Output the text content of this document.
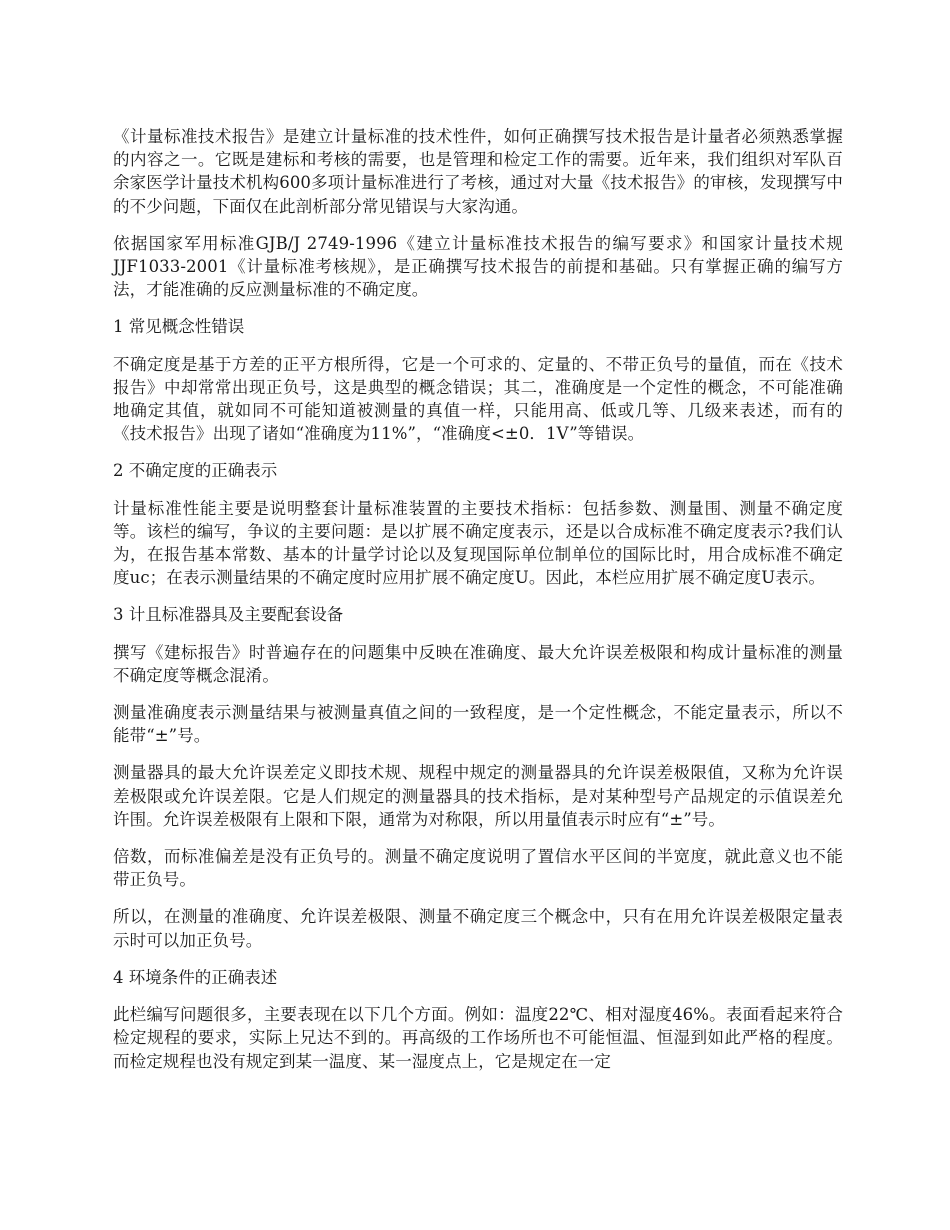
《计量标准技术报告》是建立计量标准的技术性件，如何正确撰写技术报告是计量者必须熟悉掌握的内容之一。它既是建标和考核的需要，也是管理和检定工作的需要。近年来，我们组织对军队百余家医学计量技术机构600多项计量标准进行了考核，通过对大量《技术报告》的审核，发现撰写中的不少问题，下面仅在此剖析部分常见错误与大家沟通。

依据国家军用标准GJB/J 2749-1996《建立计量标准技术报告的编写要求》和国家计量技术规JJF1033-2001《计量标准考核规》，是正确撰写技术报告的前提和基础。只有掌握正确的编写方法，才能准确的反应测量标准的不确定度。

1 常见概念性错误

不确定度是基于方差的正平方根所得，它是一个可求的、定量的、不带正负号的量值，而在《技术报告》中却常常出现正负号，这是典型的概念错误；其二，准确度是一个定性的概念，不可能准确地确定其值，就如同不可能知道被测量的真值一样，只能用高、低或几等、几级来表述，而有的《技术报告》出现了诸如“准确度为11%”，“准确度<±0．1V”等错误。

2 不确定度的正确表示

计量标准性能主要是说明整套计量标准装置的主要技术指标：包括参数、测量围、测量不确定度等。该栏的编写，争议的主要问题：是以扩展不确定度表示，还是以合成标准不确定度表示?我们认为，在报告基本常数、基本的计量学讨论以及复现国际单位制单位的国际比时，用合成标准不确定度uc；在表示测量结果的不确定度时应用扩展不确定度U。因此，本栏应用扩展不确定度U表示。

3 计且标准器具及主要配套设备

撰写《建标报告》时普遍存在的问题集中反映在准确度、最大允许误差极限和构成计量标准的测量不确定度等概念混淆。

测量准确度表示测量结果与被测量真值之间的一致程度，是一个定性概念，不能定量表示，所以不能带“±”号。

测量器具的最大允许误差定义即技术规、规程中规定的测量器具的允许误差极限值，又称为允许误差极限或允许误差限。它是人们规定的测量器具的技术指标，是对某种型号产品规定的示值误差允许围。允许误差极限有上限和下限，通常为对称限，所以用量值表示时应有“±”号。

倍数，而标准偏差是没有正负号的。测量不确定度说明了置信水平区间的半宽度，就此意义也不能带正负号。

所以，在测量的准确度、允许误差极限、测量不确定度三个概念中，只有在用允许误差极限定量表示时可以加正负号。

4 环境条件的正确表述

此栏编写问题很多，主要表现在以下几个方面。例如：温度22℃、相对湿度46%。表面看起来符合检定规程的要求，实际上兄达不到的。再高级的工作场所也不可能恒温、恒湿到如此严格的程度。而检定规程也没有规定到某一温度、某一湿度点上，它是规定在一定
